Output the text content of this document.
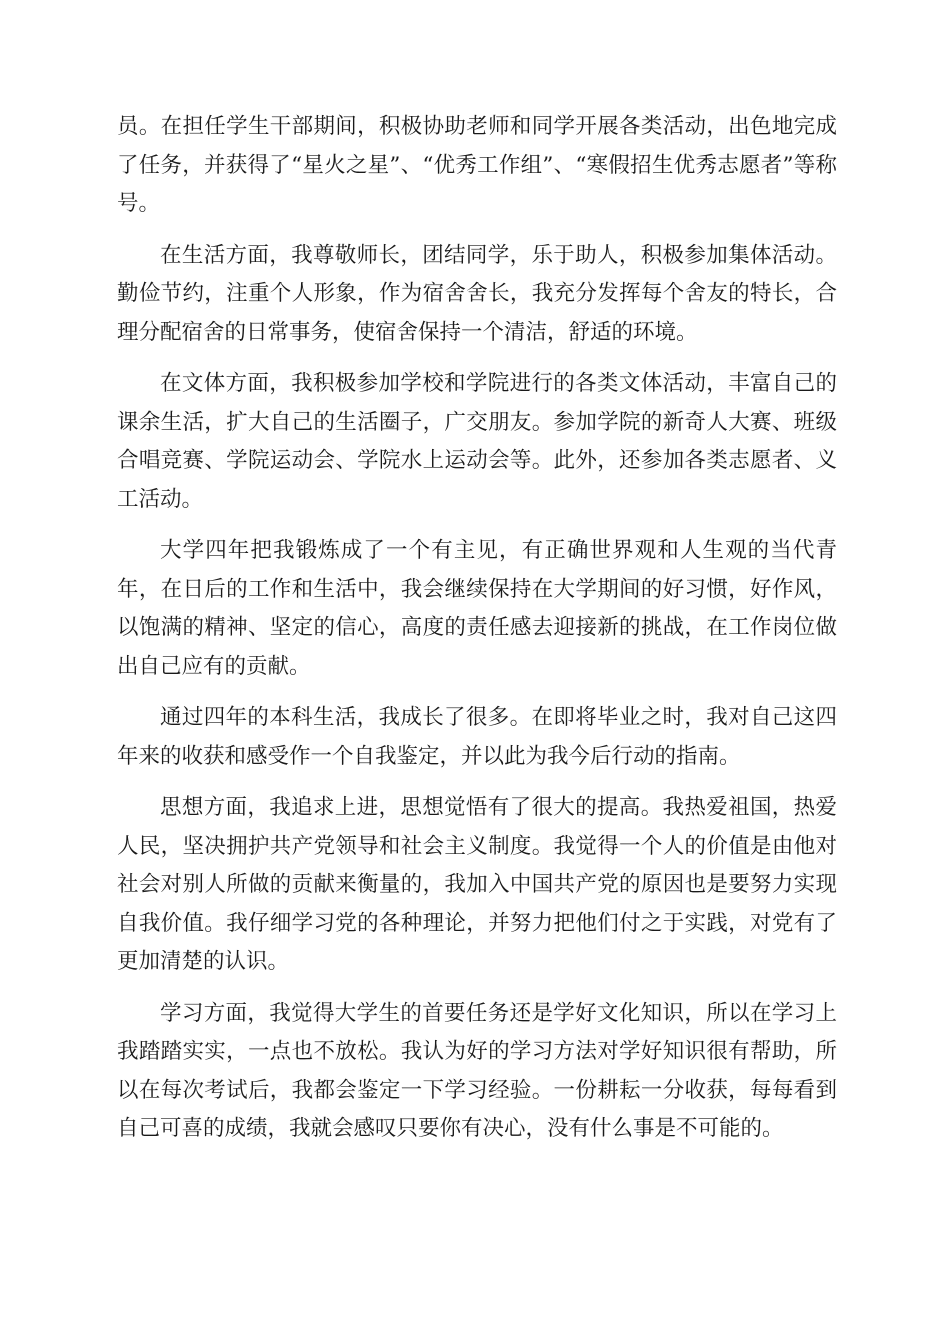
员。在担任学生干部期间，积极协助老师和同学开展各类活动，出色地完成了任务，并获得了“星火之星”、“优秀工作组”、“寒假招生优秀志愿者”等称号。

在生活方面，我尊敬师长，团结同学，乐于助人，积极参加集体活动。勤俭节约，注重个人形象，作为宿舍舍长，我充分发挥每个舍友的特长，合理分配宿舍的日常事务，使宿舍保持一个清洁，舒适的环境。

在文体方面，我积极参加学校和学院进行的各类文体活动，丰富自己的课余生活，扩大自己的生活圈子，广交朋友。参加学院的新奇人大赛、班级合唱竞赛、学院运动会、学院水上运动会等。此外，还参加各类志愿者、义工活动。

大学四年把我锻炼成了一个有主见，有正确世界观和人生观的当代青年，在日后的工作和生活中，我会继续保持在大学期间的好习惯，好作风，以饱满的精神、坚定的信心，高度的责任感去迎接新的挑战，在工作岗位做出自己应有的贡献。

通过四年的本科生活，我成长了很多。在即将毕业之时，我对自己这四年来的收获和感受作一个自我鉴定，并以此为我今后行动的指南。

思想方面，我追求上进，思想觉悟有了很大的提高。我热爱祖国，热爱人民，坚决拥护共产党领导和社会主义制度。我觉得一个人的价值是由他对社会对别人所做的贡献来衡量的，我加入中国共产党的原因也是要努力实现自我价值。我仔细学习党的各种理论，并努力把他们付之于实践，对党有了更加清楚的认识。

学习方面，我觉得大学生的首要任务还是学好文化知识，所以在学习上我踏踏实实，一点也不放松。我认为好的学习方法对学好知识很有帮助，所以在每次考试后，我都会鉴定一下学习经验。一份耕耘一分收获，每每看到自己可喜的成绩，我就会感叹只要你有决心，没有什么事是不可能的。
